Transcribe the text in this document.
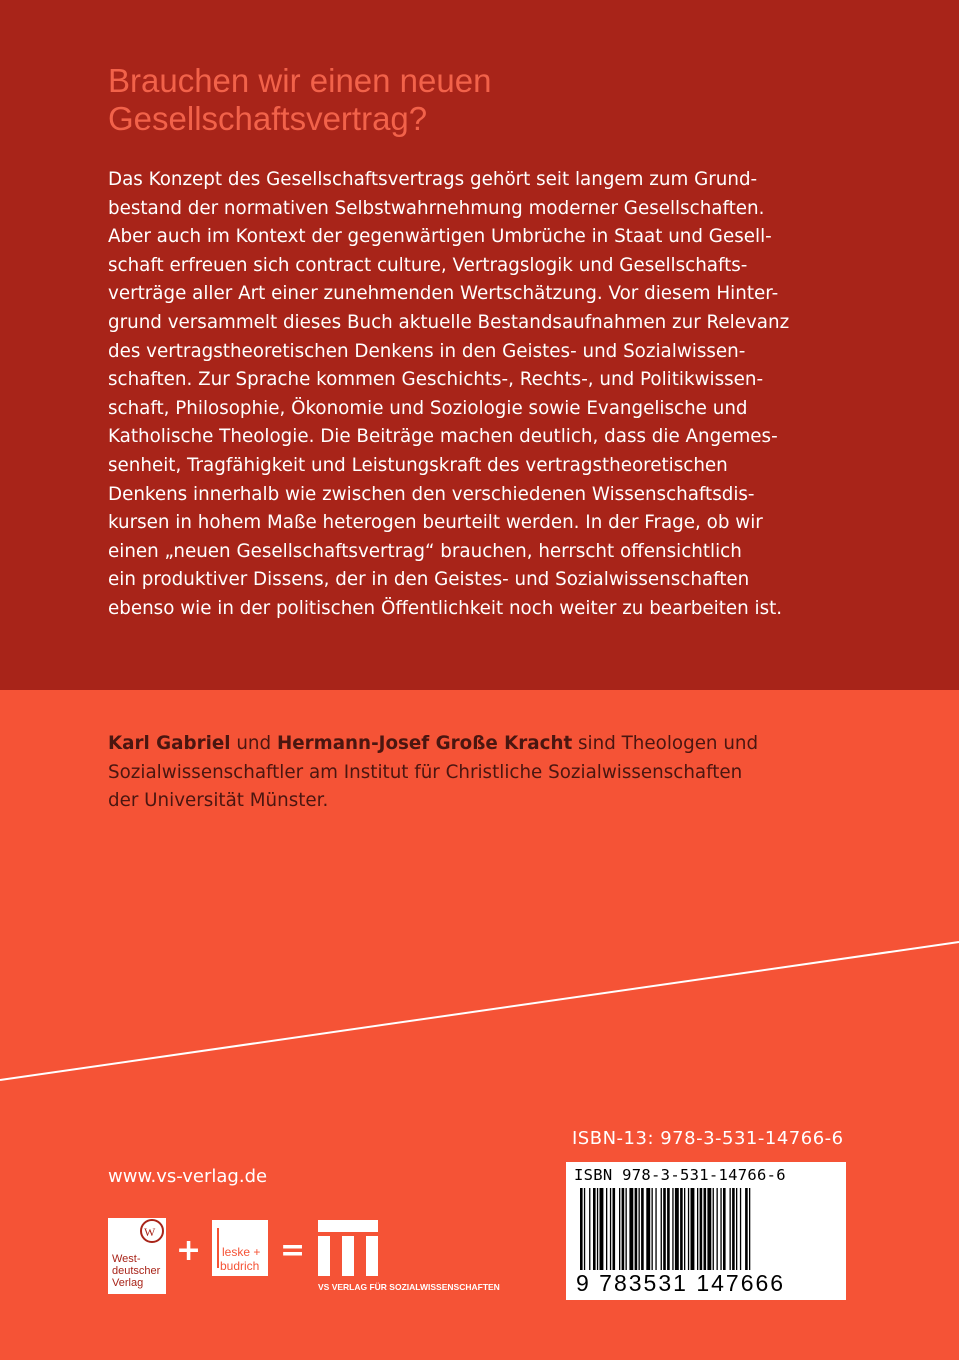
Brauchen wir einen neuen
Gesellschaftsvertrag?
Das Konzept des Gesellschaftsvertrags gehört seit langem zum Grund-
bestand der normativen Selbstwahrnehmung moderner Gesellschaften.
Aber auch im Kontext der gegenwärtigen Umbrüche in Staat und Gesell-
schaft erfreuen sich contract culture, Vertragslogik und Gesellschafts-
verträge aller Art einer zunehmenden Wertschätzung. Vor diesem Hinter-
grund versammelt dieses Buch aktuelle Bestandsaufnahmen zur Relevanz
des vertragstheoretischen Denkens in den Geistes- und Sozialwissen-
schaften. Zur Sprache kommen Geschichts-, Rechts-, und Politikwissen-
schaft, Philosophie, Ökonomie und Soziologie sowie Evangelische und
Katholische Theologie. Die Beiträge machen deutlich, dass die Angemes-
senheit, Tragfähigkeit und Leistungskraft des vertragstheoretischen
Denkens innerhalb wie zwischen den verschiedenen Wissenschaftsdis-
kursen in hohem Maße heterogen beurteilt werden. In der Frage, ob wir
einen „neuen Gesellschaftsvertrag“ brauchen, herrscht offensichtlich
ein produktiver Dissens, der in den Geistes- und Sozialwissenschaften
ebenso wie in der politischen Öffentlichkeit noch weiter zu bearbeiten ist.
Karl Gabriel und Hermann-Josef Große Kracht sind Theologen und
Sozialwissenschaftler am Institut für Christliche Sozialwissenschaften
der Universität Münster.
ISBN-13: 978-3-531-14766-6
www.vs-verlag.de	ISBN 978-3-531-14766-6
9 783531 147666
W
West-
deutscher
Verlag
+ leske +
budrich =
VS VERLAG FÜR SOZIALWISSENSCHAFTEN
